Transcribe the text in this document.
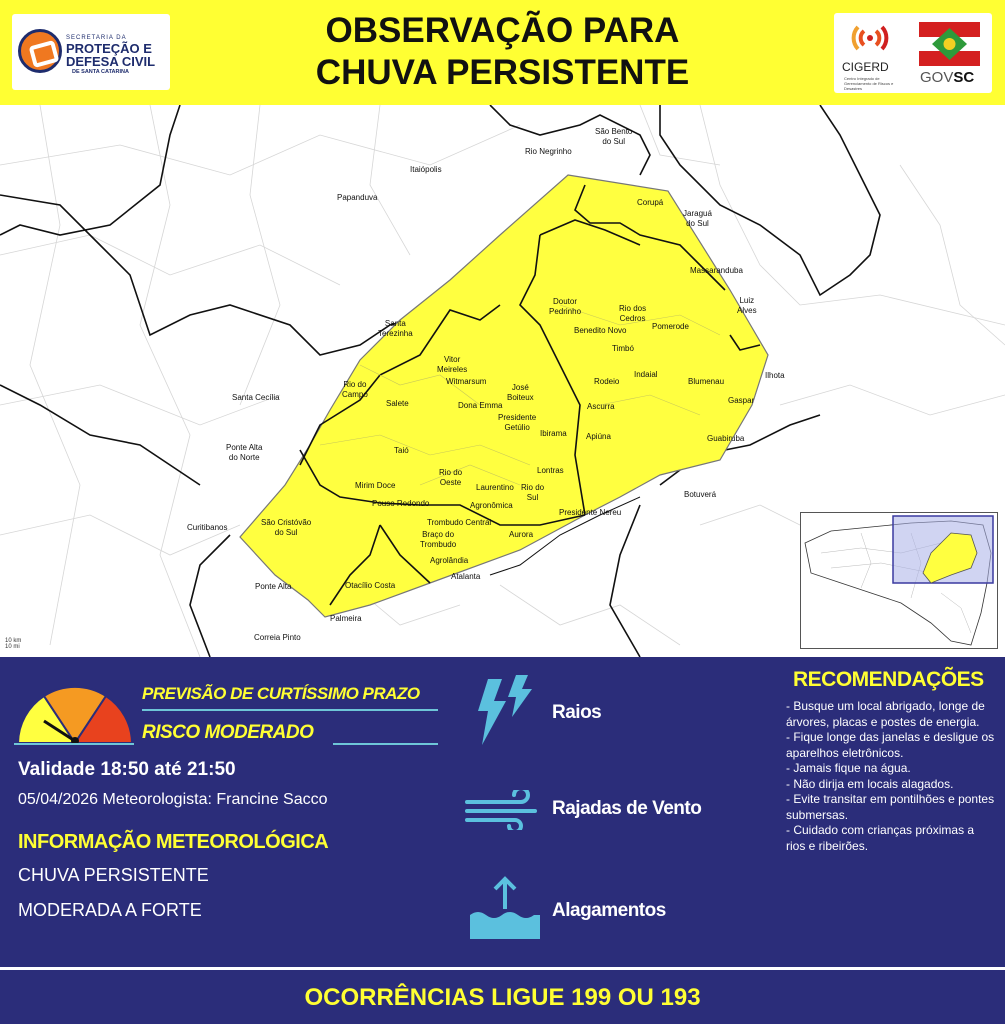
SECRETARIA DA
PROTEÇÃO E DEFESA CIVIL
DE SANTA CATARINA
OBSERVAÇÃO PARA
CHUVA PERSISTENTE	CIGERD
Centro Integrado de Gerenciamento de Riscos e Desastres
GOVSC
Rio Negrinho
São Bento
do Sul
Itaiópolis
Papanduva
Corupá
Jaraguá
do Sul
Massaranduba
Luiz
Alves
Doutor
Pedrinho	Rio dos
Cedros
Benedito Novo	Pomerode
Timbó
Santa
Terezinha
Vitor
Meireles
Witmarsum
Rio do
Campo
Santa Cecília
Salete	Dona Emma
José
Boiteux
Presidente
Getúlio
Ibirama
Rodeio
Ascurra
Indaial
Blumenau
Gaspar
Ilhota
Apiúna	Guabiruba
Ponte Alta
do Norte
Taió
Rio do
Oeste
Mirim Doce	Laurentino Rio do
Sul
Lontras
Pouso Redondo	Agronômica
Presidente Nereu
Botuverá
Curitibanos
São Cristóvão
do Sul
Trombudo Central
Braço do
Trombudo
Aurora
Agrolândia
Atalanta
Ponte Alta	Otacílio Costa
Palmeira
Correia Pinto
10 km
10 mi
PREVISÃO DE CURTÍSSIMO PRAZO
RISCO MODERADO
Validade 18:50 até 21:50
05/04/2026 Meteorologista: Francine Sacco
INFORMAÇÃO METEOROLÓGICA
CHUVA PERSISTENTE
MODERADA A FORTE
Raios
Rajadas de Vento
Alagamentos
RECOMENDAÇÕES
- Busque um local abrigado, longe de árvores, placas e postes de energia.
- Fique longe das janelas e desligue os aparelhos eletrônicos.
- Jamais fique na água.
- Não dirija em locais alagados.
- Evite transitar em pontilhões e pontes submersas.
- Cuidado com crianças próximas a rios e ribeirões.
OCORRÊNCIAS LIGUE 199 OU 193
